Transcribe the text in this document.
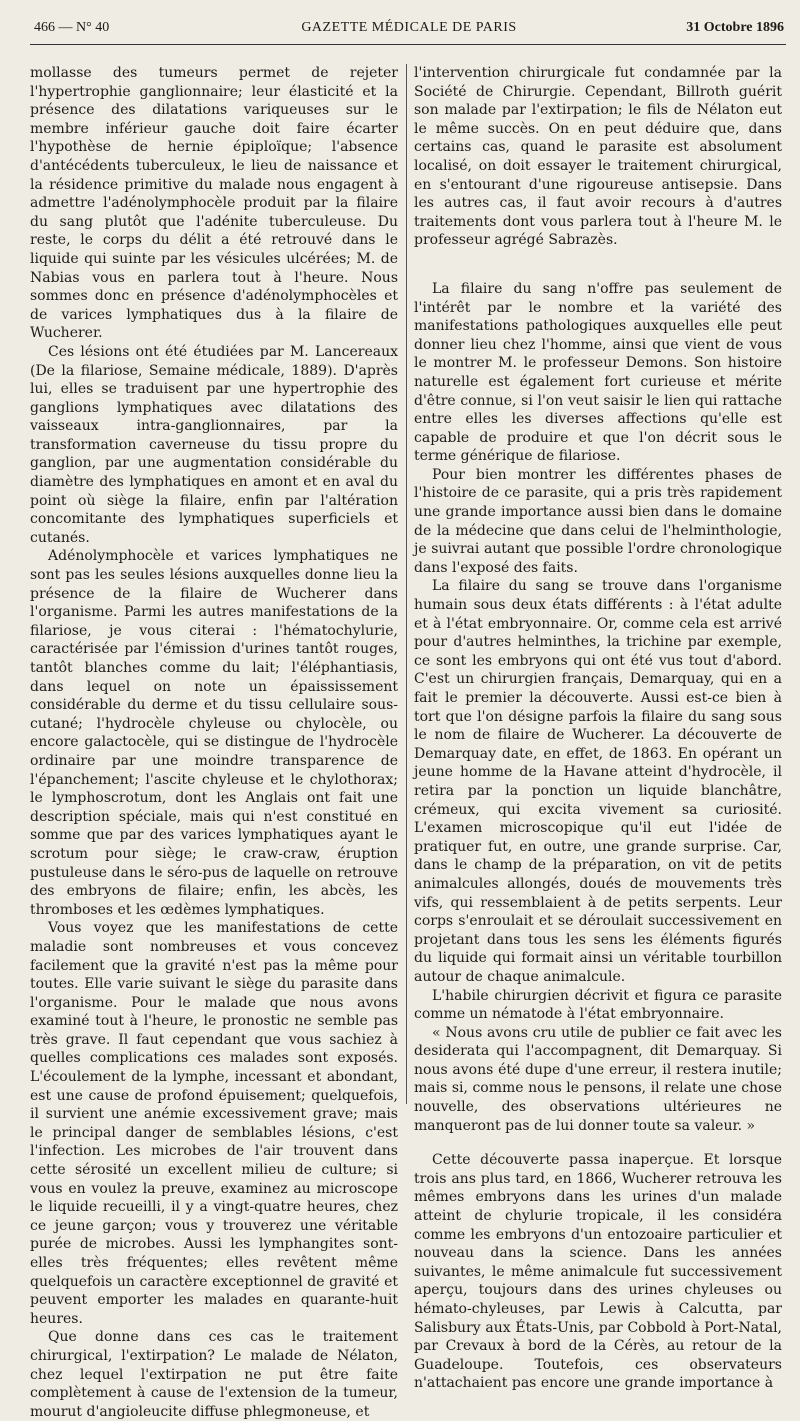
466 — N° 40	GAZETTE MÉDICALE DE PARIS	31 Octobre 1896

mollasse des tumeurs permet de rejeter l'hypertrophie ganglionnaire; leur élasticité et la présence des dilatations variqueuses sur le membre inférieur gauche doit faire écarter l'hypothèse de hernie épiploïque; l'absence d'antécédents tuberculeux, le lieu de naissance et la résidence primitive du malade nous engagent à admettre l'adénolymphocèle produit par la filaire du sang plutôt que l'adénite tuberculeuse. Du reste, le corps du délit a été retrouvé dans le liquide qui suinte par les vésicules ulcérées; M. de Nabias vous en parlera tout à l'heure. Nous sommes donc en présence d'adénolymphocèles et de varices lymphatiques dus à la filaire de Wucherer.

Ces lésions ont été étudiées par M. Lancereaux (De la filariose, Semaine médicale, 1889). D'après lui, elles se traduisent par une hypertrophie des ganglions lymphatiques avec dilatations des vaisseaux intra-ganglionnaires, par la transformation caverneuse du tissu propre du ganglion, par une augmentation considérable du diamètre des lymphatiques en amont et en aval du point où siège la filaire, enfin par l'altération concomitante des lymphatiques superficiels et cutanés.

Adénolymphocèle et varices lymphatiques ne sont pas les seules lésions auxquelles donne lieu la présence de la filaire de Wucherer dans l'organisme. Parmi les autres manifestations de la filariose, je vous citerai : l'hématochylurie, caractérisée par l'émission d'urines tantôt rouges, tantôt blanches comme du lait; l'éléphantiasis, dans lequel on note un épaississement considérable du derme et du tissu cellulaire sous-cutané; l'hydrocèle chyleuse ou chylocèle, ou encore galactocèle, qui se distingue de l'hydrocèle ordinaire par une moindre transparence de l'épanchement; l'ascite chyleuse et le chylothorax; le lymphoscrotum, dont les Anglais ont fait une description spéciale, mais qui n'est constitué en somme que par des varices lymphatiques ayant le scrotum pour siège; le craw-craw, éruption pustuleuse dans le séro-pus de laquelle on retrouve des embryons de filaire; enfin, les abcès, les thromboses et les œdèmes lymphatiques.

Vous voyez que les manifestations de cette maladie sont nombreuses et vous concevez facilement que la gravité n'est pas la même pour toutes. Elle varie suivant le siège du parasite dans l'organisme. Pour le malade que nous avons examiné tout à l'heure, le pronostic ne semble pas très grave. Il faut cependant que vous sachiez à quelles complications ces malades sont exposés. L'écoulement de la lymphe, incessant et abondant, est une cause de profond épuisement; quelquefois, il survient une anémie excessivement grave; mais le principal danger de semblables lésions, c'est l'infection. Les microbes de l'air trouvent dans cette sérosité un excellent milieu de culture; si vous en voulez la preuve, examinez au microscope le liquide recueilli, il y a vingt-quatre heures, chez ce jeune garçon; vous y trouverez une véritable purée de microbes. Aussi les lymphangites sont-elles très fréquentes; elles revêtent même quelquefois un caractère exceptionnel de gravité et peuvent emporter les malades en quarante-huit heures.

Que donne dans ces cas le traitement chirurgical, l'extirpation? Le malade de Nélaton, chez lequel l'extirpation ne put être faite complètement à cause de l'extension de la tumeur, mourut d'angioleucite diffuse phlegmoneuse, et

l'intervention chirurgicale fut condamnée par la Société de Chirurgie. Cependant, Billroth guérit son malade par l'extirpation; le fils de Nélaton eut le même succès. On en peut déduire que, dans certains cas, quand le parasite est absolument localisé, on doit essayer le traitement chirurgical, en s'entourant d'une rigoureuse antisepsie. Dans les autres cas, il faut avoir recours à d'autres traitements dont vous parlera tout à l'heure M. le professeur agrégé Sabrazès.

La filaire du sang n'offre pas seulement de l'intérêt par le nombre et la variété des manifestations pathologiques auxquelles elle peut donner lieu chez l'homme, ainsi que vient de vous le montrer M. le professeur Demons. Son histoire naturelle est également fort curieuse et mérite d'être connue, si l'on veut saisir le lien qui rattache entre elles les diverses affections qu'elle est capable de produire et que l'on décrit sous le terme générique de filariose.

Pour bien montrer les différentes phases de l'histoire de ce parasite, qui a pris très rapidement une grande importance aussi bien dans le domaine de la médecine que dans celui de l'helminthologie, je suivrai autant que possible l'ordre chronologique dans l'exposé des faits.

La filaire du sang se trouve dans l'organisme humain sous deux états différents : à l'état adulte et à l'état embryonnaire. Or, comme cela est arrivé pour d'autres helminthes, la trichine par exemple, ce sont les embryons qui ont été vus tout d'abord. C'est un chirurgien français, Demarquay, qui en a fait le premier la découverte. Aussi est-ce bien à tort que l'on désigne parfois la filaire du sang sous le nom de filaire de Wucherer. La découverte de Demarquay date, en effet, de 1863. En opérant un jeune homme de la Havane atteint d'hydrocèle, il retira par la ponction un liquide blanchâtre, crémeux, qui excita vivement sa curiosité. L'examen microscopique qu'il eut l'idée de pratiquer fut, en outre, une grande surprise. Car, dans le champ de la préparation, on vit de petits animalcules allongés, doués de mouvements très vifs, qui ressemblaient à de petits serpents. Leur corps s'enroulait et se déroulait successivement en projetant dans tous les sens les éléments figurés du liquide qui formait ainsi un véritable tourbillon autour de chaque animalcule.

L'habile chirurgien décrivit et figura ce parasite comme un nématode à l'état embryonnaire.

« Nous avons cru utile de publier ce fait avec les desiderata qui l'accompagnent, dit Demarquay. Si nous avons été dupe d'une erreur, il restera inutile; mais si, comme nous le pensons, il relate une chose nouvelle, des observations ultérieures ne manqueront pas de lui donner toute sa valeur. »

Cette découverte passa inaperçue. Et lorsque trois ans plus tard, en 1866, Wucherer retrouva les mêmes embryons dans les urines d'un malade atteint de chylurie tropicale, il les considéra comme les embryons d'un entozoaire particulier et nouveau dans la science. Dans les années suivantes, le même animalcule fut successivement aperçu, toujours dans des urines chyleuses ou hémato-chyleuses, par Lewis à Calcutta, par Salisbury aux États-Unis, par Cobbold à Port-Natal, par Crevaux à bord de la Cérès, au retour de la Guadeloupe. Toutefois, ces observateurs n'attachaient pas encore une grande importance à
